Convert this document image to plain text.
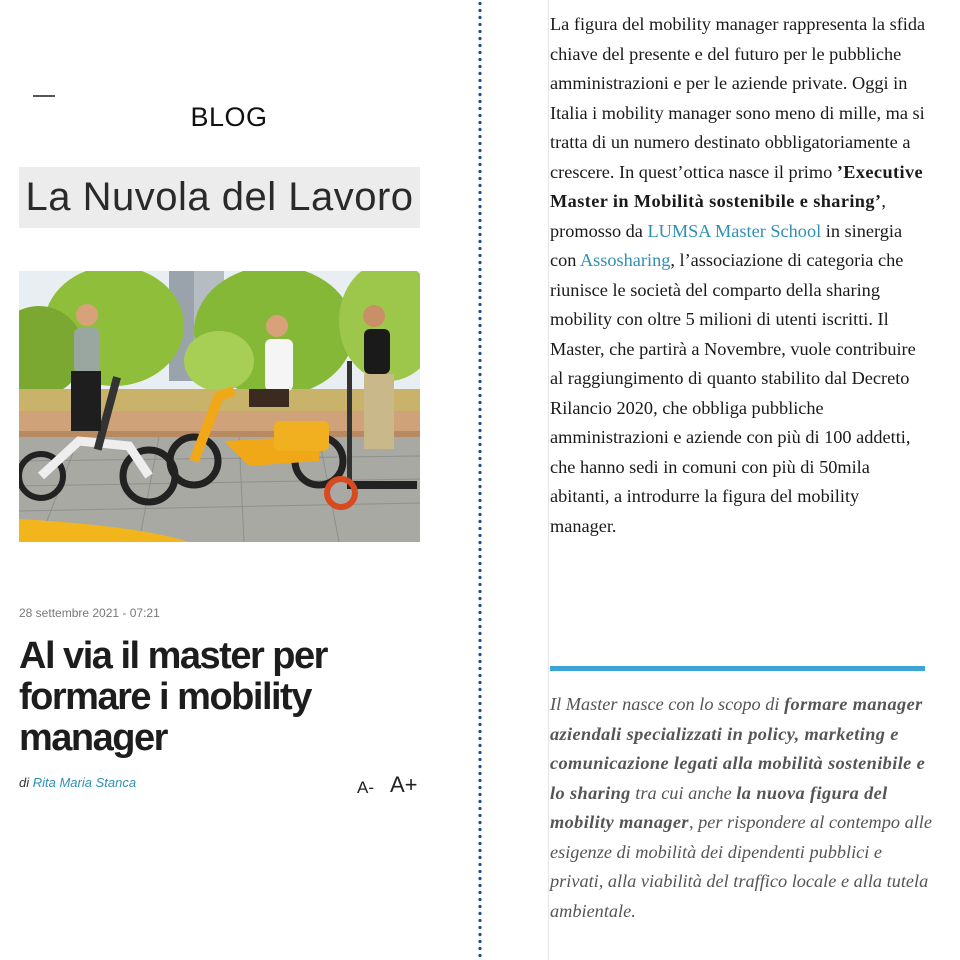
BLOG
La Nuvola del Lavoro
28 settembre 2021 - 07:21
Al via il master per formare i mobility manager
di Rita Maria Stanca	A- A+
La figura del mobility manager rappresenta la sfida chiave del presente e del futuro per le pubbliche amministrazioni e per le aziende private. Oggi in Italia i mobility manager sono meno di mille, ma si tratta di un numero destinato obbligatoriamente a crescere. In quest’ottica nasce il primo ’Executive Master in Mobilità sostenibile e sharing’, promosso da LUMSA Master School in sinergia con Assosharing, l’associazione di categoria che riunisce le società del comparto della sharing mobility con oltre 5 milioni di utenti iscritti. Il Master, che partirà a Novembre, vuole contribuire al raggiungimento di quanto stabilito dal Decreto Rilancio 2020, che obbliga pubbliche amministrazioni e aziende con più di 100 addetti, che hanno sedi in comuni con più di 50mila abitanti, a introdurre la figura del mobility manager.
Il Master nasce con lo scopo di formare manager aziendali specializzati in policy, marketing e comunicazione legati alla mobilità sostenibile e lo sharing tra cui anche la nuova figura del mobility manager, per rispondere al contempo alle esigenze di mobilità dei dipendenti pubblici e privati, alla viabilità del traffico locale e alla tutela ambientale.
